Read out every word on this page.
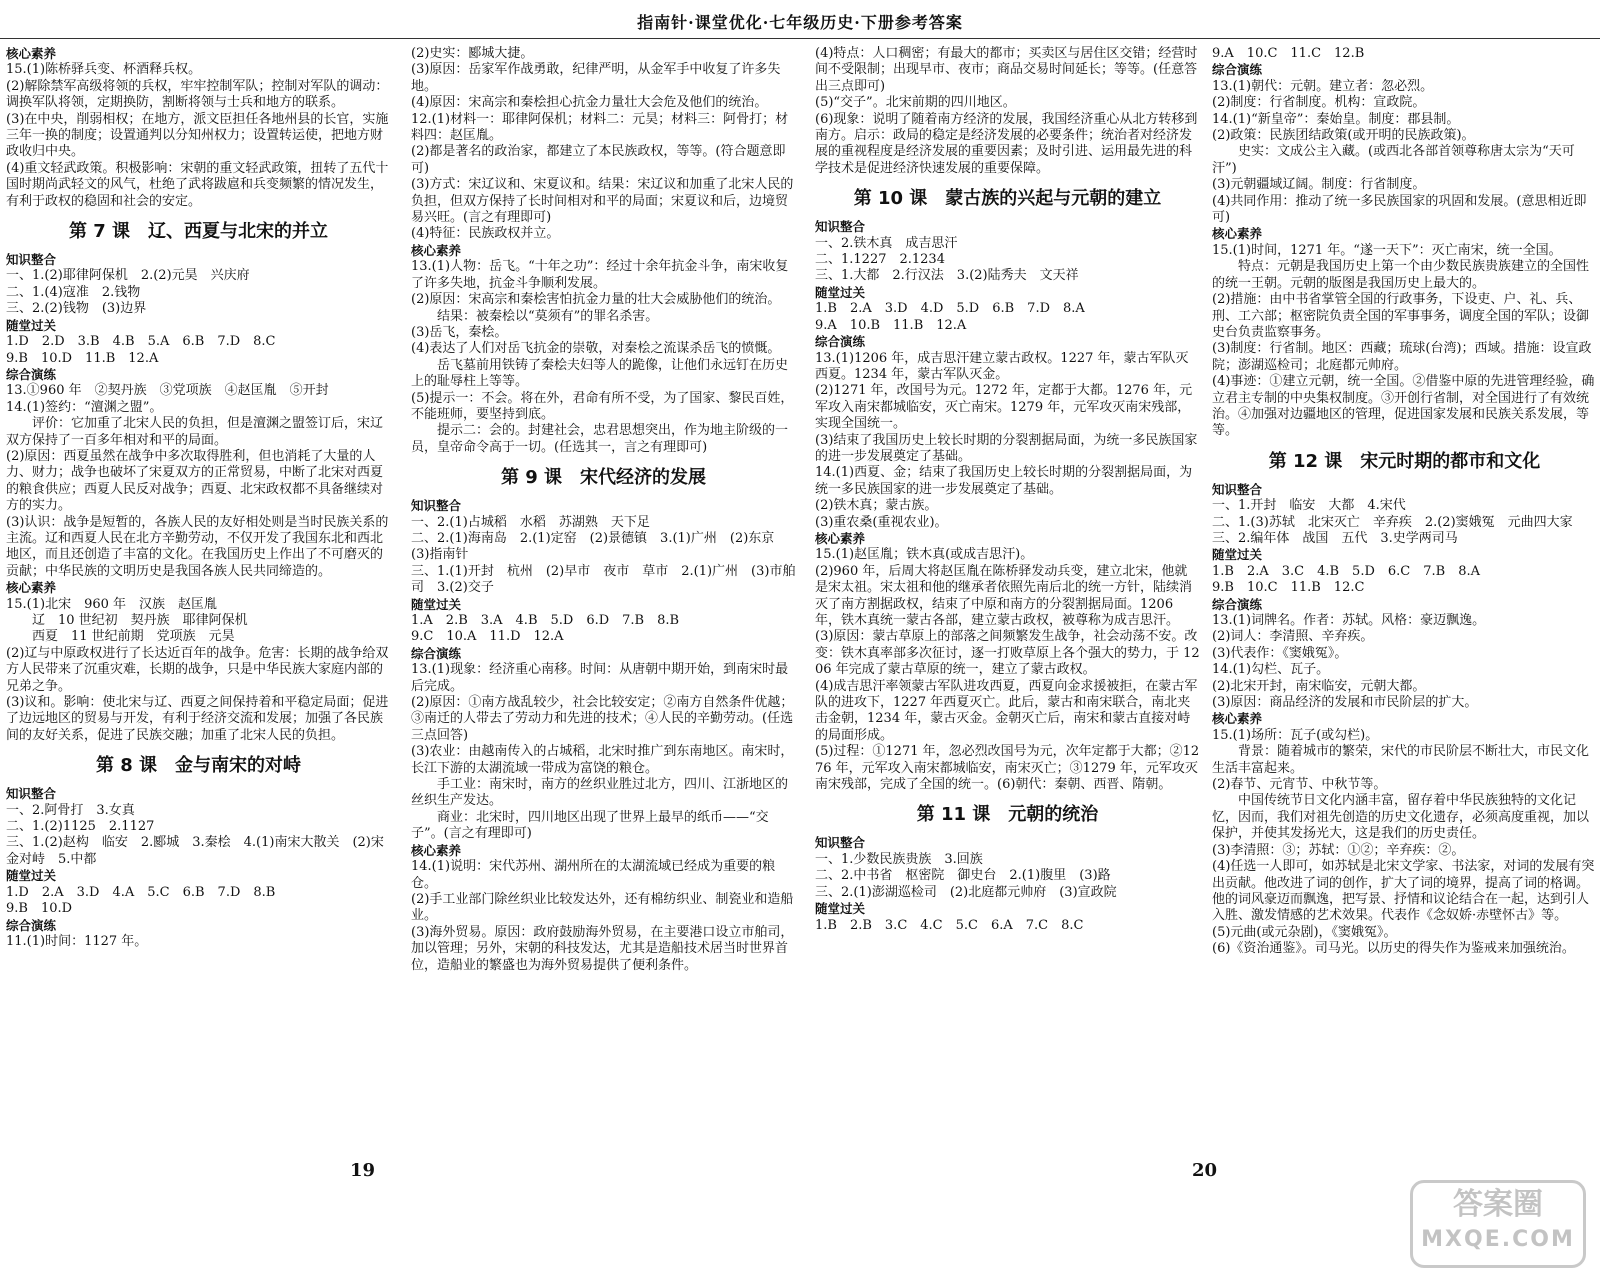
指南针·课堂优化·七年级历史·下册参考答案

核心素养

15.(1)陈桥驿兵变、杯酒释兵权。

(2)解除禁军高级将领的兵权，牢牢控制军队；控制对军队的调动：调换军队将领，定期换防，割断将领与士兵和地方的联系。

(3)在中央，削弱相权；在地方，派文臣担任各地州县的长官，实施三年一换的制度；设置通判以分知州权力；设置转运使，把地方财政收归中央。

(4)重文轻武政策。积极影响：宋朝的重文轻武政策，扭转了五代十国时期尚武轻文的风气，杜绝了武将跋扈和兵变频繁的情况发生，有利于政权的稳固和社会的安定。

第 7 课　辽、西夏与北宋的并立

知识整合

一、1.(2)耶律阿保机　2.(2)元昊　兴庆府

二、1.(4)寇准　2.钱物

三、2.(2)钱物　(3)边界

随堂过关

1.D　2.D　3.B　4.B　5.A　6.B　7.D　8.C

9.B　10.D　11.B　12.A

综合演练

13.①960 年　②契丹族　③党项族　④赵匡胤　⑤开封

14.(1)签约：“澶渊之盟”。

　　评价：它加重了北宋人民的负担，但是澶渊之盟签订后，宋辽双方保持了一百多年相对和平的局面。

(2)原因：西夏虽然在战争中多次取得胜利，但也消耗了大量的人力、财力；战争也破坏了宋夏双方的正常贸易，中断了北宋对西夏的粮食供应；西夏人民反对战争；西夏、北宋政权都不具备继续对方的实力。

(3)认识：战争是短暂的，各族人民的友好相处则是当时民族关系的主流。辽和西夏人民在北方辛勤劳动，不仅开发了我国东北和西北地区，而且还创造了丰富的文化。在我国历史上作出了不可磨灭的贡献；中华民族的文明历史是我国各族人民共同缔造的。

核心素养

15.(1)北宋　960 年　汉族　赵匡胤

　　辽　10 世纪初　契丹族　耶律阿保机

　　西夏　11 世纪前期　党项族　元昊

(2)辽与中原政权进行了长达近百年的战争。危害：长期的战争给双方人民带来了沉重灾难，长期的战争，只是中华民族大家庭内部的兄弟之争。

(3)议和。影响：使北宋与辽、西夏之间保持着和平稳定局面；促进了边远地区的贸易与开发，有利于经济交流和发展；加强了各民族间的友好关系，促进了民族交融；加重了北宋人民的负担。

第 8 课　金与南宋的对峙

知识整合

一、2.阿骨打　3.女真

二、1.(2)1125　2.1127

三、1.(2)赵构　临安　2.郾城　3.秦桧　4.(1)南宋大散关　(2)宋金对峙　5.中都

随堂过关

1.D　2.A　3.D　4.A　5.C　6.B　7.D　8.B

9.B　10.D

综合演练

11.(1)时间：1127 年。

(2)史实：郾城大捷。

(3)原因：岳家军作战勇敢，纪律严明，从金军手中收复了许多失地。

(4)原因：宋高宗和秦桧担心抗金力量壮大会危及他们的统治。

12.(1)材料一：耶律阿保机；材料二：元昊；材料三：阿骨打；材料四：赵匡胤。

(2)都是著名的政治家，都建立了本民族政权，等等。(符合题意即可)

(3)方式：宋辽议和、宋夏议和。结果：宋辽议和加重了北宋人民的负担，但双方保持了长时间相对和平的局面；宋夏议和后，边境贸易兴旺。(言之有理即可)

(4)特征：民族政权并立。

核心素养

13.(1)人物：岳飞。“十年之功”：经过十余年抗金斗争，南宋收复了许多失地，抗金斗争顺利发展。

(2)原因：宋高宗和秦桧害怕抗金力量的壮大会威胁他们的统治。

　　结果：被秦桧以“莫须有”的罪名杀害。

(3)岳飞，秦桧。

(4)表达了人们对岳飞抗金的崇敬，对秦桧之流谋杀岳飞的愤慨。

　　岳飞墓前用铁铸了秦桧夫妇等人的跪像，让他们永远钉在历史上的耻辱柱上等等。

(5)提示一：不会。将在外，君命有所不受，为了国家、黎民百姓，不能班师，要坚持到底。

　　提示二：会的。封建社会，忠君思想突出，作为地主阶级的一员，皇帝命令高于一切。(任选其一，言之有理即可)

第 9 课　宋代经济的发展

知识整合

一、2.(1)占城稻　水稻　苏湖熟　天下足

二、2.(1)海南岛　2.(1)定窑　(2)景德镇　3.(1)广州　(2)东京　(3)指南针

三、1.(1)开封　杭州　(2)早市　夜市　草市　2.(1)广州　(3)市舶司　3.(2)交子

随堂过关

1.A　2.B　3.A　4.B　5.D　6.D　7.B　8.B

9.C　10.A　11.D　12.A

综合演练

13.(1)现象：经济重心南移。时间：从唐朝中期开始，到南宋时最后完成。

(2)原因：①南方战乱较少，社会比较安定；②南方自然条件优越；③南迁的人带去了劳动力和先进的技术；④人民的辛勤劳动。(任选三点回答)

(3)农业：由越南传入的占城稻，北宋时推广到东南地区。南宋时，长江下游的太湖流域一带成为富饶的粮仓。

　　手工业：南宋时，南方的丝织业胜过北方，四川、江浙地区的丝织生产发达。

　　商业：北宋时，四川地区出现了世界上最早的纸币——“交子”。(言之有理即可)

核心素养

14.(1)说明：宋代苏州、湖州所在的太湖流域已经成为重要的粮仓。

(2)手工业部门除丝织业比较发达外，还有棉纺织业、制瓷业和造船业。

(3)海外贸易。原因：政府鼓励海外贸易，在主要港口设立市舶司，加以管理；另外，宋朝的科技发达，尤其是造船技术居当时世界首位，造船业的繁盛也为海外贸易提供了便利条件。

(4)特点：人口稠密；有最大的都市；买卖区与居住区交错；经营时间不受限制；出现早市、夜市；商品交易时间延长；等等。(任意答出三点即可)

(5)“交子”。北宋前期的四川地区。

(6)现象：说明了随着南方经济的发展，我国经济重心从北方转移到南方。启示：政局的稳定是经济发展的必要条件；统治者对经济发展的重视程度是经济发展的重要因素；及时引进、运用最先进的科学技术是促进经济快速发展的重要保障。

第 10 课　蒙古族的兴起与元朝的建立

知识整合

一、2.铁木真　成吉思汗

二、1.1227　2.1234

三、1.大都　2.行汉法　3.(2)陆秀夫　文天祥

随堂过关

1.B　2.A　3.D　4.D　5.D　6.B　7.D　8.A

9.A　10.B　11.B　12.A

综合演练

13.(1)1206 年，成吉思汗建立蒙古政权。1227 年，蒙古军队灭西夏。1234 年，蒙古军队灭金。

(2)1271 年，改国号为元。1272 年，定都于大都。1276 年，元军攻入南宋都城临安，灭亡南宋。1279 年，元军攻灭南宋残部，实现全国统一。

(3)结束了我国历史上较长时期的分裂割据局面，为统一多民族国家的进一步发展奠定了基础。

14.(1)西夏、金；结束了我国历史上较长时期的分裂割据局面，为统一多民族国家的进一步发展奠定了基础。

(2)铁木真；蒙古族。

(3)重农桑(重视农业)。

核心素养

15.(1)赵匡胤；铁木真(或成吉思汗)。

(2)960 年，后周大将赵匡胤在陈桥驿发动兵变，建立北宋，他就是宋太祖。宋太祖和他的继承者依照先南后北的统一方针，陆续消灭了南方割据政权，结束了中原和南方的分裂割据局面。1206 年，铁木真统一蒙古各部，建立蒙古政权，被尊称为成吉思汗。

(3)原因：蒙古草原上的部落之间频繁发生战争，社会动荡不安。改变：铁木真率部多次征讨，逐一打败草原上各个强大的势力，于 1206 年完成了蒙古草原的统一，建立了蒙古政权。

(4)成吉思汗率领蒙古军队进攻西夏，西夏向金求援被拒，在蒙古军队的进攻下，1227 年西夏灭亡。此后，蒙古和南宋联合，南北夹击金朝，1234 年，蒙古灭金。金朝灭亡后，南宋和蒙古直接对峙的局面形成。

(5)过程：①1271 年，忽必烈改国号为元，次年定都于大都；②1276 年，元军攻入南宋都城临安，南宋灭亡；③1279 年，元军攻灭南宋残部，完成了全国的统一。(6)朝代：秦朝、西晋、隋朝。

第 11 课　元朝的统治

知识整合

一、1.少数民族贵族　3.回族

二、2.中书省　枢密院　御史台　2.(1)腹里　(3)路

三、2.(1)澎湖巡检司　(2)北庭都元帅府　(3)宣政院

随堂过关

1.B　2.B　3.C　4.C　5.C　6.A　7.C　8.C

9.A　10.C　11.C　12.B

综合演练

13.(1)朝代：元朝。建立者：忽必烈。

(2)制度：行省制度。机构：宣政院。

14.(1)“新皇帝”：秦始皇。制度：郡县制。

(2)政策：民族团结政策(或开明的民族政策)。

　　史实：文成公主入藏。(或西北各部首领尊称唐太宗为“天可汗”)

(3)元朝疆域辽阔。制度：行省制度。

(4)共同作用：推动了统一多民族国家的巩固和发展。(意思相近即可)

核心素养

15.(1)时间，1271 年。“遂一天下”：灭亡南宋，统一全国。

　　特点：元朝是我国历史上第一个由少数民族贵族建立的全国性的统一王朝。元朝的版图是我国历史上最大的。

(2)措施：由中书省掌管全国的行政事务，下设吏、户、礼、兵、刑、工六部；枢密院负责全国的军事事务，调度全国的军队；设御史台负责监察事务。

(3)制度：行省制。地区：西藏；琉球(台湾)；西域。措施：设宣政院；澎湖巡检司；北庭都元帅府。

(4)事迹：①建立元朝，统一全国。②借鉴中原的先进管理经验，确立君主专制的中央集权制度。③开创行省制，对全国进行了有效统治。④加强对边疆地区的管理，促进国家发展和民族关系发展，等等。

第 12 课　宋元时期的都市和文化

知识整合

一、1.开封　临安　大都　4.宋代

二、1.(3)苏轼　北宋灭亡　辛弃疾　2.(2)窦娥冤　元曲四大家

三、2.编年体　战国　五代　3.史学两司马

随堂过关

1.B　2.A　3.C　4.B　5.D　6.C　7.B　8.A

9.B　10.C　11.B　12.C

综合演练

13.(1)词牌名。作者：苏轼。风格：豪迈飘逸。

(2)词人：李清照、辛弃疾。

(3)代表作：《窦娥冤》。

14.(1)勾栏、瓦子。

(2)北宋开封，南宋临安，元朝大都。

(3)原因：商品经济的发展和市民阶层的扩大。

核心素养

15.(1)场所：瓦子(或勾栏)。

　　背景：随着城市的繁荣，宋代的市民阶层不断壮大，市民文化生活丰富起来。

(2)春节、元宵节、中秋节等。

　　中国传统节日文化内涵丰富，留存着中华民族独特的文化记忆，因而，我们对祖先创造的历史文化遗存，必须高度重视，加以保护，并使其发扬光大，这是我们的历史责任。

(3)李清照：③；苏轼：①②；辛弃疾：②。

(4)任选一人即可，如苏轼是北宋文学家、书法家，对词的发展有突出贡献。他改进了词的创作，扩大了词的境界，提高了词的格调。他的词风豪迈而飘逸，把写景、抒情和议论结合在一起，达到引人入胜、激发情感的艺术效果。代表作《念奴娇·赤壁怀古》等。

(5)元曲(或元杂剧)，《窦娥冤》。

(6)《资治通鉴》。司马光。以历史的得失作为鉴戒来加强统治。

19	20
答案圈
MXQE.COM
